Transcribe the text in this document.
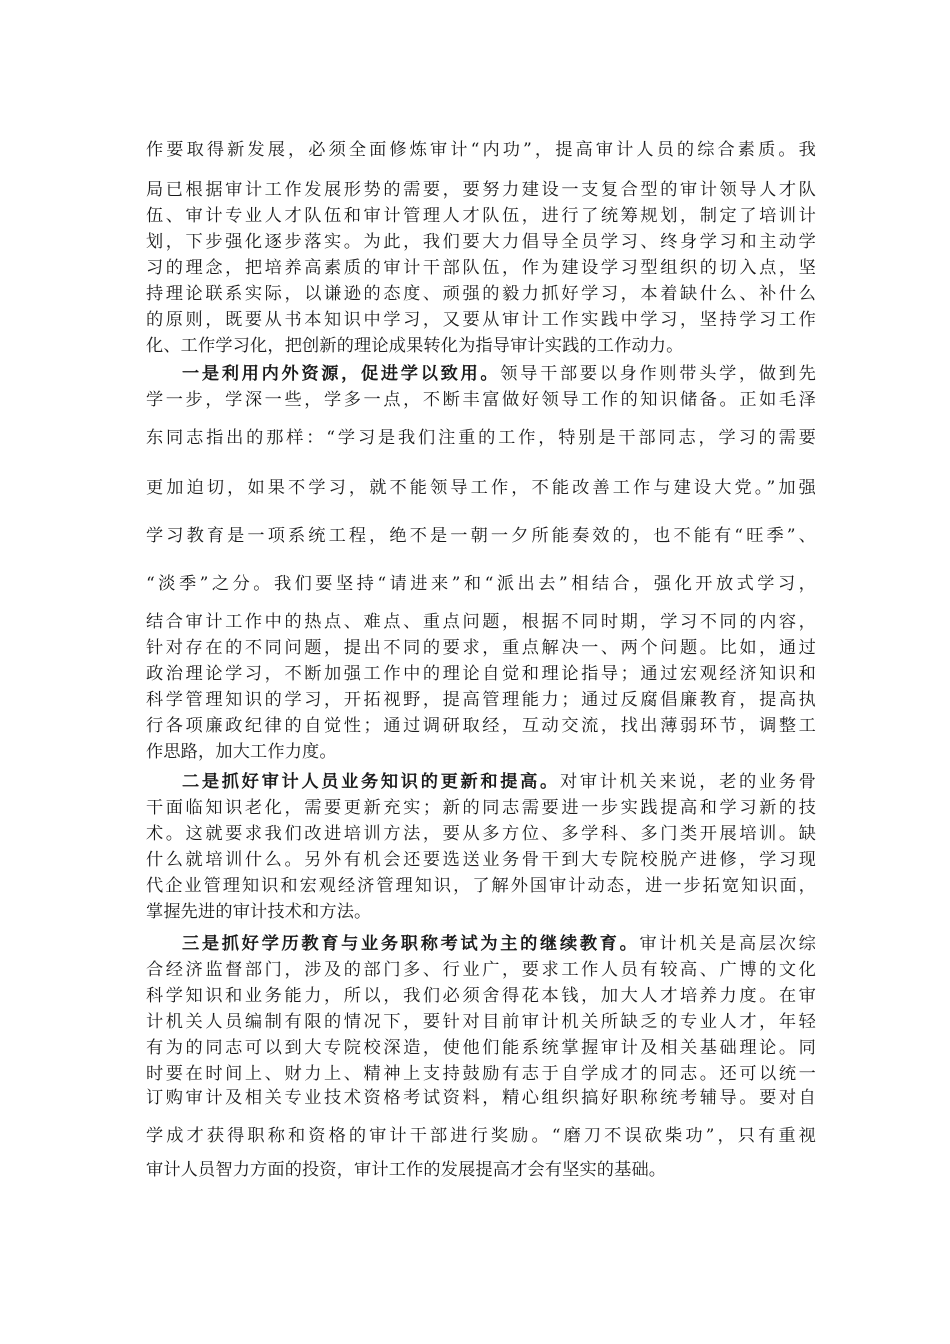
作要取得新发展，必须全面修炼审计“内功”，提高审计人员的综合素质。我
局已根据审计工作发展形势的需要，要努力建设一支复合型的审计领导人才队
伍、审计专业人才队伍和审计管理人才队伍，进行了统筹规划，制定了培训计
划，下步强化逐步落实。为此，我们要大力倡导全员学习、终身学习和主动学
习的理念，把培养高素质的审计干部队伍，作为建设学习型组织的切入点，坚
持理论联系实际，以谦逊的态度、顽强的毅力抓好学习，本着缺什么、补什么
的原则，既要从书本知识中学习，又要从审计工作实践中学习，坚持学习工作
化、工作学习化，把创新的理论成果转化为指导审计实践的工作动力。
一是利用内外资源，促进学以致用。领导干部要以身作则带头学，做到先
学一步，学深一些，学多一点，不断丰富做好领导工作的知识储备。正如毛泽
东同志指出的那样：“学习是我们注重的工作，特别是干部同志，学习的需要
更加迫切，如果不学习，就不能领导工作，不能改善工作与建设大党。”加强
学习教育是一项系统工程，绝不是一朝一夕所能奏效的，也不能有“旺季”、
“淡季”之分。我们要坚持“请进来”和“派出去”相结合，强化开放式学习，
结合审计工作中的热点、难点、重点问题，根据不同时期，学习不同的内容，
针对存在的不同问题，提出不同的要求，重点解决一、两个问题。比如，通过
政治理论学习，不断加强工作中的理论自觉和理论指导；通过宏观经济知识和
科学管理知识的学习，开拓视野，提高管理能力；通过反腐倡廉教育，提高执
行各项廉政纪律的自觉性；通过调研取经，互动交流，找出薄弱环节，调整工
作思路，加大工作力度。
二是抓好审计人员业务知识的更新和提高。对审计机关来说，老的业务骨
干面临知识老化，需要更新充实；新的同志需要进一步实践提高和学习新的技
术。这就要求我们改进培训方法，要从多方位、多学科、多门类开展培训。缺
什么就培训什么。另外有机会还要选送业务骨干到大专院校脱产进修，学习现
代企业管理知识和宏观经济管理知识，了解外国审计动态，进一步拓宽知识面，
掌握先进的审计技术和方法。
三是抓好学历教育与业务职称考试为主的继续教育。审计机关是高层次综
合经济监督部门，涉及的部门多、行业广，要求工作人员有较高、广博的文化
科学知识和业务能力，所以，我们必须舍得花本钱，加大人才培养力度。在审
计机关人员编制有限的情况下，要针对目前审计机关所缺乏的专业人才，年轻
有为的同志可以到大专院校深造，使他们能系统掌握审计及相关基础理论。同
时要在时间上、财力上、精神上支持鼓励有志于自学成才的同志。还可以统一
订购审计及相关专业技术资格考试资料，精心组织搞好职称统考辅导。要对自
学成才获得职称和资格的审计干部进行奖励。“磨刀不误砍柴功”，只有重视
审计人员智力方面的投资，审计工作的发展提高才会有坚实的基础。
